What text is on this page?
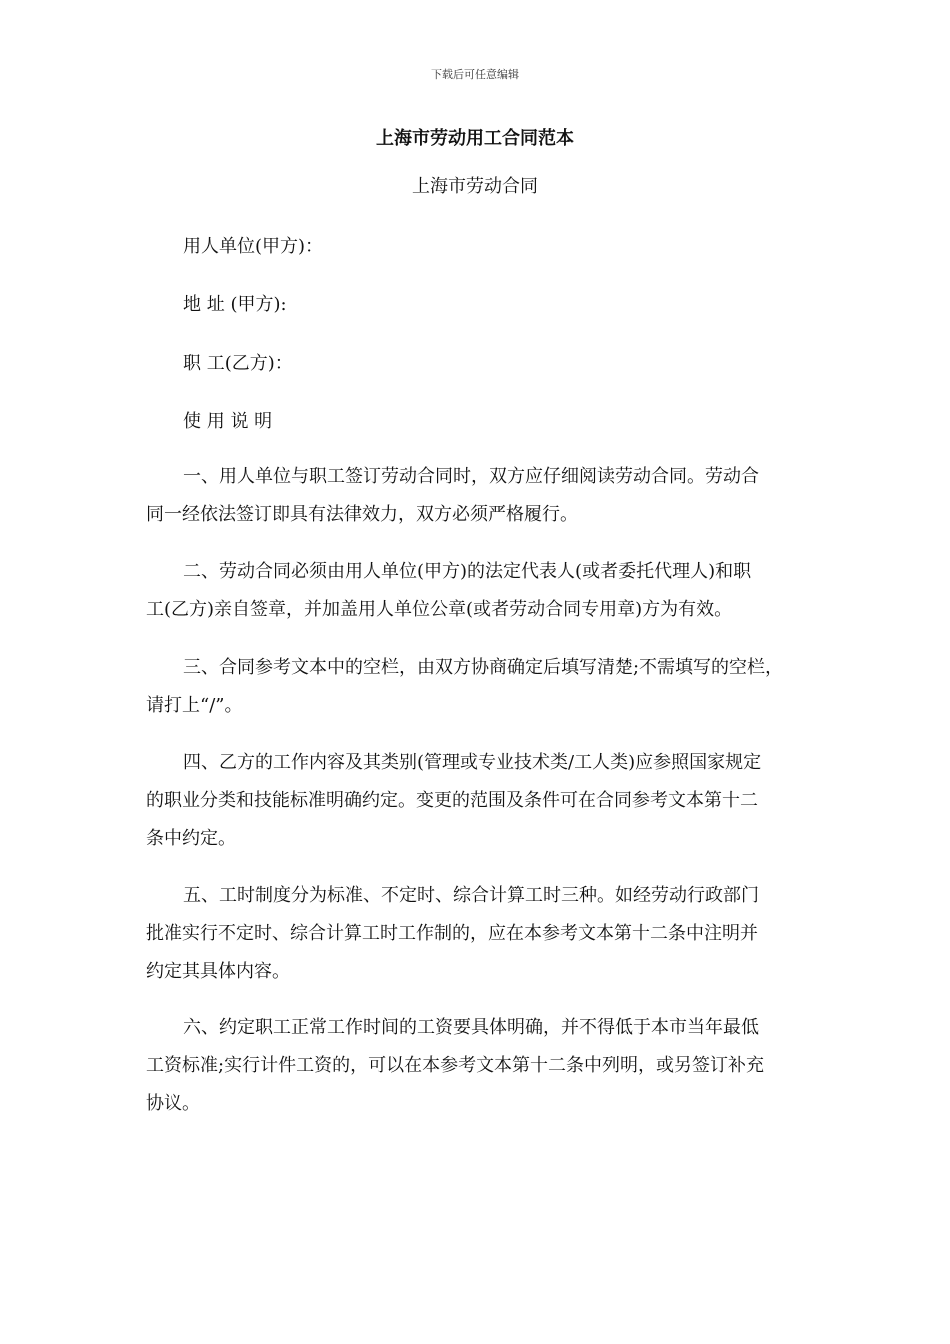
下载后可任意编辑
上海市劳动用工合同范本
上海市劳动合同
用人单位(甲方)：
地 址 (甲方):
职 工(乙方)：
使 用 说 明
一、用人单位与职工签订劳动合同时，双方应仔细阅读劳动合同。劳动合
同一经依法签订即具有法律效力，双方必须严格履行。
二、劳动合同必须由用人单位(甲方)的法定代表人(或者委托代理人)和职
工(乙方)亲自签章，并加盖用人单位公章(或者劳动合同专用章)方为有效。
三、合同参考文本中的空栏，由双方协商确定后填写清楚;不需填写的空栏，
请打上“/”。
四、乙方的工作内容及其类别(管理或专业技术类/工人类)应参照国家规定
的职业分类和技能标准明确约定。变更的范围及条件可在合同参考文本第十二
条中约定。
五、工时制度分为标准、不定时、综合计算工时三种。如经劳动行政部门
批准实行不定时、综合计算工时工作制的，应在本参考文本第十二条中注明并
约定其具体内容。
六、约定职工正常工作时间的工资要具体明确，并不得低于本市当年最低
工资标准;实行计件工资的，可以在本参考文本第十二条中列明，或另签订补充
协议。
